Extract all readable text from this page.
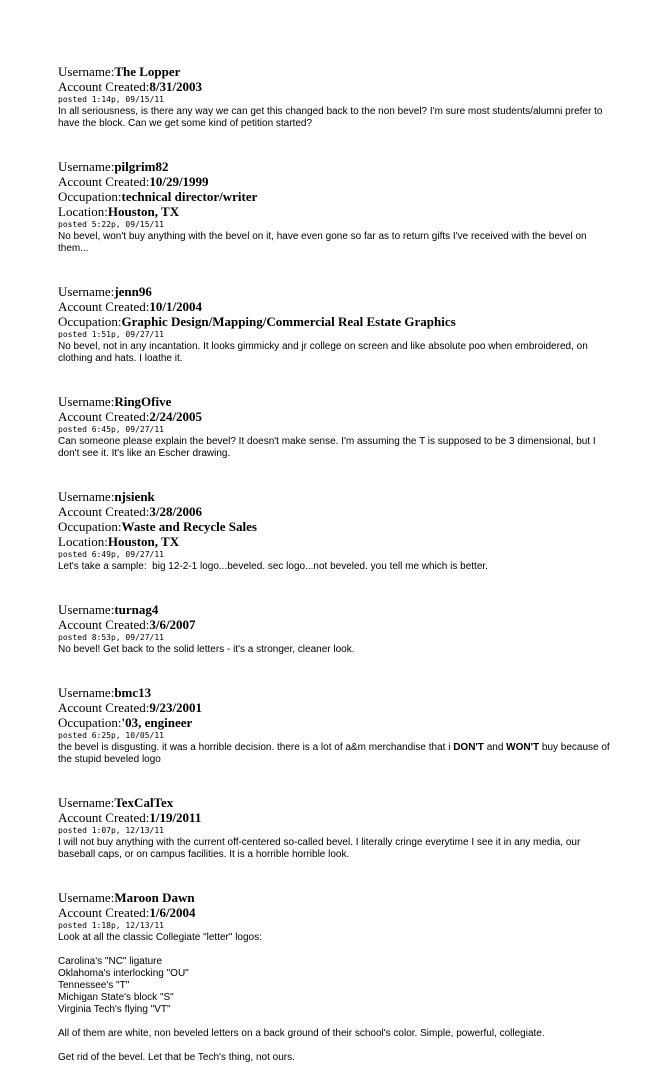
Username:The Lopper
Account Created:8/31/2003
posted 1:14p, 09/15/11
In all seriousness, is there any way we can get this changed back to the non bevel? I'm sure most students/alumni prefer to have the block. Can we get some kind of petition started?
Username:pilgrim82
Account Created:10/29/1999
Occupation:technical director/writer
Location:Houston, TX
posted 5:22p, 09/15/11
No bevel, won't buy anything with the bevel on it, have even gone so far as to return gifts I've received with the bevel on them...
Username:jenn96
Account Created:10/1/2004
Occupation:Graphic Design/Mapping/Commercial Real Estate Graphics
posted 1:51p, 09/27/11
No bevel, not in any incantation. It looks gimmicky and jr college on screen and like absolute poo when embroidered, on clothing and hats. I loathe it.
Username:RingOfive
Account Created:2/24/2005
posted 6:45p, 09/27/11
Can someone please explain the bevel? It doesn't make sense. I'm assuming the T is supposed to be 3 dimensional, but I don't see it. It's like an Escher drawing.
Username:njsienk
Account Created:3/28/2006
Occupation:Waste and Recycle Sales
Location:Houston, TX
posted 6:49p, 09/27/11
Let's take a sample:  big 12-2-1 logo...beveled. sec logo...not beveled. you tell me which is better.
Username:turnag4
Account Created:3/6/2007
posted 8:53p, 09/27/11
No bevel! Get back to the solid letters - it's a stronger, cleaner look.
Username:bmc13
Account Created:9/23/2001
Occupation:'03, engineer
posted 6:25p, 10/05/11
the bevel is disgusting. it was a horrible decision. there is a lot of a&m merchandise that i DON'T and WON'T buy because of the stupid beveled logo
Username:TexCalTex
Account Created:1/19/2011
posted 1:07p, 12/13/11
I will not buy anything with the current off-centered so-called bevel. I literally cringe everytime I see it in any media, our baseball caps, or on campus facilities. It is a horrible horrible look.
Username:Maroon Dawn
Account Created:1/6/2004
posted 1:18p, 12/13/11
Look at all the classic Collegiate "letter" logos:

Carolina's "NC" ligature
Oklahoma's interlocking "OU"
Tennessee's "T"
Michigan State's block "S"
Virginia Tech's flying "VT"

All of them are white, non beveled letters on a back ground of their school's color. Simple, powerful, collegiate.

Get rid of the bevel. Let that be Tech's thing, not ours.
